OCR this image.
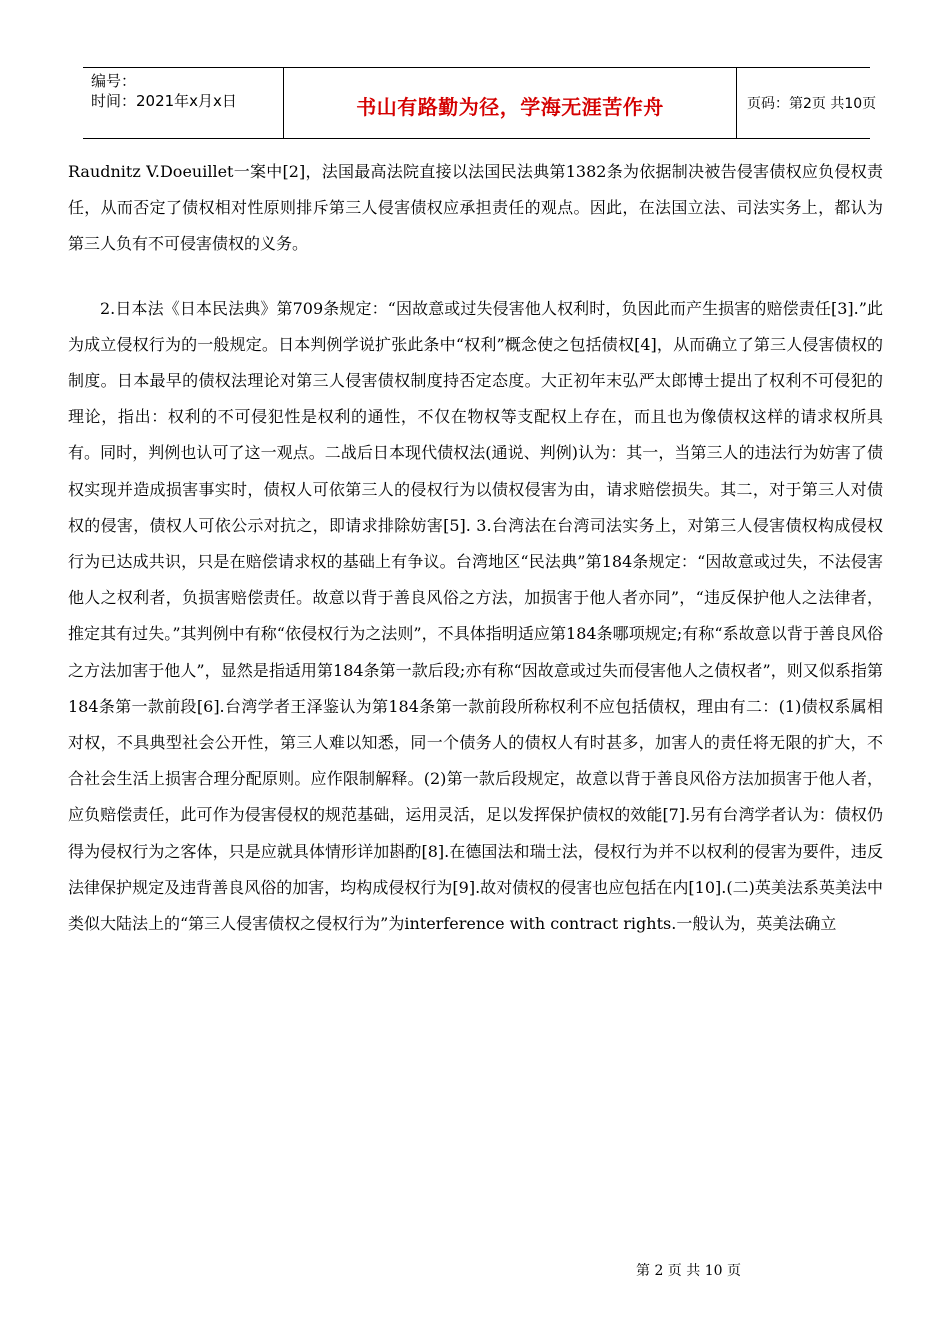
编号：
时间：2021年x月x日	书山有路勤为径，学海无涯苦作舟	页码：第2页 共10页

Raudnitz V.Doeuillet一案中[2]，法国最高法院直接以法国民法典第1382条为依据制决被告侵害债权应负侵权责任，从而否定了债权相对性原则排斥第三人侵害债权应承担责任的观点。因此，在法国立法、司法实务上，都认为第三人负有不可侵害债权的义务。

2.日本法《日本民法典》第709条规定：“因故意或过失侵害他人权利时，负因此而产生损害的赔偿责任[3].”此为成立侵权行为的一般规定。日本判例学说扩张此条中“权利”概念使之包括债权[4]，从而确立了第三人侵害债权的制度。日本最早的债权法理论对第三人侵害债权制度持否定态度。大正初年末弘严太郎博士提出了权利不可侵犯的理论，指出：权利的不可侵犯性是权利的通性，不仅在物权等支配权上存在，而且也为像债权这样的请求权所具有。同时，判例也认可了这一观点。二战后日本现代债权法(通说、判例)认为：其一，当第三人的违法行为妨害了债权实现并造成损害事实时，债权人可依第三人的侵权行为以债权侵害为由，请求赔偿损失。其二，对于第三人对债权的侵害，债权人可依公示对抗之，即请求排除妨害[5]. 3.台湾法在台湾司法实务上，对第三人侵害债权构成侵权行为已达成共识，只是在赔偿请求权的基础上有争议。台湾地区“民法典”第184条规定：“因故意或过失，不法侵害他人之权利者，负损害赔偿责任。故意以背于善良风俗之方法，加损害于他人者亦同”，“违反保护他人之法律者，推定其有过失。”其判例中有称“依侵权行为之法则”，不具体指明适应第184条哪项规定;有称“系故意以背于善良风俗之方法加害于他人”，显然是指适用第184条第一款后段;亦有称“因故意或过失而侵害他人之债权者”，则又似系指第184条第一款前段[6].台湾学者王泽鉴认为第184条第一款前段所称权利不应包括债权，理由有二：(1)债权系属相对权，不具典型社会公开性，第三人难以知悉，同一个债务人的债权人有时甚多，加害人的责任将无限的扩大，不合社会生活上损害合理分配原则。应作限制解释。(2)第一款后段规定，故意以背于善良风俗方法加损害于他人者，应负赔偿责任，此可作为侵害侵权的规范基础，运用灵活，足以发挥保护债权的效能[7].另有台湾学者认为：债权仍得为侵权行为之客体，只是应就具体情形详加斟酌[8].在德国法和瑞士法，侵权行为并不以权利的侵害为要件，违反法律保护规定及违背善良风俗的加害，均构成侵权行为[9].故对债权的侵害也应包括在内[10].(二)英美法系英美法中类似大陆法上的“第三人侵害债权之侵权行为”为interference with contract rights.一般认为，英美法确立

第 2 页 共 10 页
